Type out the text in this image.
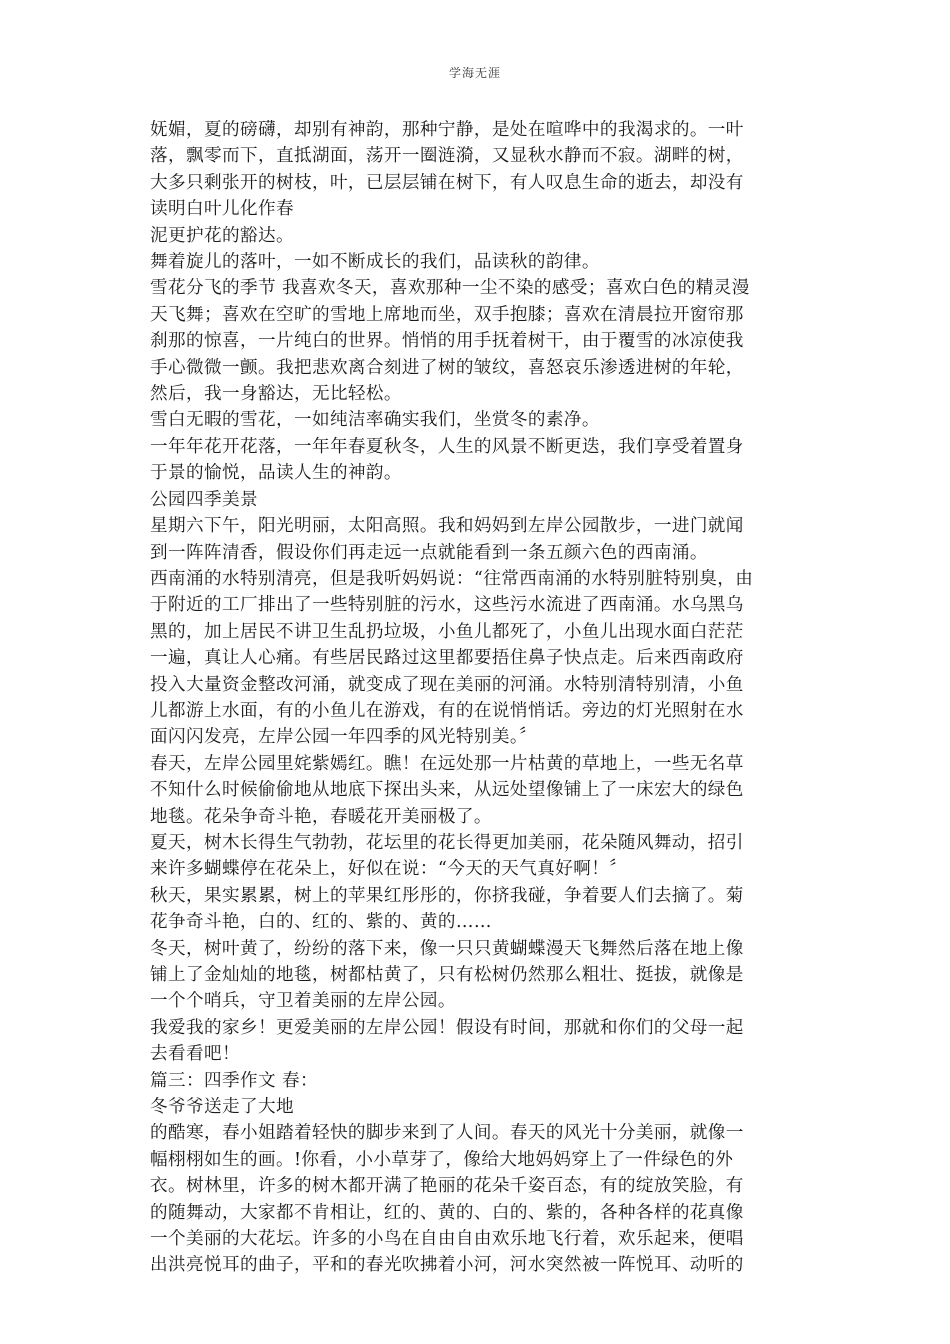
学海无涯
妩媚，夏的磅礴，却别有神韵，那种宁静，是处在喧哗中的我渴求的。一叶
落，飘零而下，直抵湖面，荡开一圈涟漪，又显秋水静而不寂。湖畔的树，
大多只剩张开的树枝，叶，已层层铺在树下，有人叹息生命的逝去，却没有
读明白叶儿化作春
泥更护花的豁达。
舞着旋儿的落叶，一如不断成长的我们，品读秋的韵律。
雪花分飞的季节 我喜欢冬天，喜欢那种一尘不染的感受；喜欢白色的精灵漫
天飞舞；喜欢在空旷的雪地上席地而坐，双手抱膝；喜欢在清晨拉开窗帘那
刹那的惊喜，一片纯白的世界。悄悄的用手抚着树干，由于覆雪的冰凉使我
手心微微一颤。我把悲欢离合刻进了树的皱纹，喜怒哀乐渗透进树的年轮，
然后，我一身豁达，无比轻松。
雪白无暇的雪花，一如纯洁率确实我们，坐赏冬的素净。
一年年花开花落，一年年春夏秋冬，人生的风景不断更迭，我们享受着置身
于景的愉悦，品读人生的神韵。
公园四季美景
星期六下午，阳光明丽，太阳高照。我和妈妈到左岸公园散步，一进门就闻
到一阵阵清香，假设你们再走远一点就能看到一条五颜六色的西南涌。
西南涌的水特别清亮，但是我听妈妈说：“往常西南涌的水特别脏特别臭，由
于附近的工厂排出了一些特别脏的污水，这些污水流进了西南涌。水乌黑乌
黑的，加上居民不讲卫生乱扔垃圾，小鱼儿都死了，小鱼儿出现水面白茫茫
一遍，真让人心痛。有些居民路过这里都要捂住鼻子快点走。后来西南政府
投入大量资金整改河涌，就变成了现在美丽的河涌。水特别清特别清，小鱼
儿都游上水面，有的小鱼儿在游戏，有的在说悄悄话。旁边的灯光照射在水
面闪闪发亮，左岸公园一年四季的风光特别美。〞
春天，左岸公园里姹紫嫣红。瞧！在远处那一片枯黄的草地上，一些无名草
不知什么时候偷偷地从地底下探出头来，从远处望像铺上了一床宏大的绿色
地毯。花朵争奇斗艳，春暖花开美丽极了。
夏天，树木长得生气勃勃，花坛里的花长得更加美丽，花朵随风舞动，招引
来许多蝴蝶停在花朵上，好似在说：“今天的天气真好啊！〞
秋天，果实累累，树上的苹果红彤彤的，你挤我碰，争着要人们去摘了。菊
花争奇斗艳，白的、红的、紫的、黄的……
冬天，树叶黄了，纷纷的落下来，像一只只黄蝴蝶漫天飞舞然后落在地上像
铺上了金灿灿的地毯，树都枯黄了，只有松树仍然那么粗壮、挺拔，就像是
一个个哨兵，守卫着美丽的左岸公园。
我爱我的家乡！更爱美丽的左岸公园！假设有时间，那就和你们的父母一起
去看看吧！
篇三：四季作文 春：
冬爷爷送走了大地
的酷寒，春小姐踏着轻快的脚步来到了人间。春天的风光十分美丽，就像一
幅栩栩如生的画。!你看，小小草芽了，像给大地妈妈穿上了一件绿色的外
衣。树林里，许多的树木都开满了艳丽的花朵千姿百态，有的绽放笑脸，有
的随舞动，大家都不肯相让，红的、黄的、白的、紫的，各种各样的花真像
一个美丽的大花坛。许多的小鸟在自由自由欢乐地飞行着，欢乐起来，便唱
出洪亮悦耳的曲子，平和的春光吹拂着小河，河水突然被一阵悦耳、动听的
